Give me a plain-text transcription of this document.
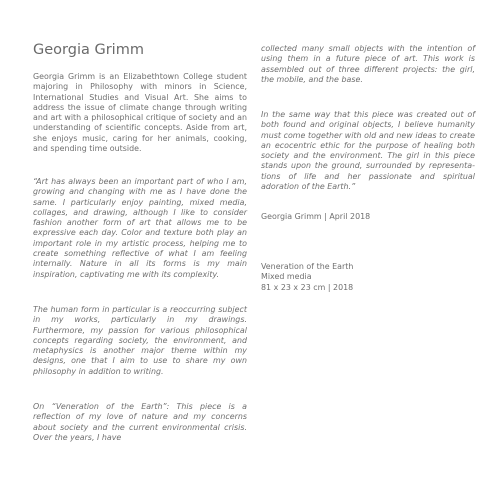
Georgia Grimm

Georgia Grimm is an Elizabethtown College student majoring in Philosophy with minors in Science, International Studies and Visual Art. She aims to address the issue of climate change through writing and art with a philosophical critique of society and an understanding of scientific concepts. Aside from art, she enjoys music, caring for her animals, cooking, and spending time outside.

“Art has always been an important part of who I am, growing and changing with me as I have done the same. I particularly enjoy painting, mixed media, collages, and drawing, although I like to consider fashion another form of art that allows me to be expressive each day. Color and texture both play an important role in my artistic process, helping me to create something reflective of what I am feeling internally. Nature in all its forms is my main inspiration, captivating me with its complexity.

The human form in particular is a reoccurring subject in my works, particularly in my drawings. Furthermore, my passion for various philosophical concepts regarding society, the environment, and metaphysics is another major theme within my designs, one that I aim to use to share my own philosophy in addition to writing.

On “Veneration of the Earth”: This piece is a reflection of my love of nature and my concerns about society and the current environmental crisis. Over the years, I have

collected many small objects with the intention of using them in a future piece of art. This work is assembled out of three different projects: the girl, the mobile, and the base.

In the same way that this piece was created out of both found and original objects, I believe humanity must come together with old and new ideas to create an ecocentric ethic for the purpose of healing both society and the environment. The girl in this piece stands upon the ground, surrounded by representa-tions of life and her passionate and spiritual adoration of the Earth.”

Georgia Grimm | April 2018

Veneration of the Earth
Mixed media
81 x 23 x 23 cm | 2018
